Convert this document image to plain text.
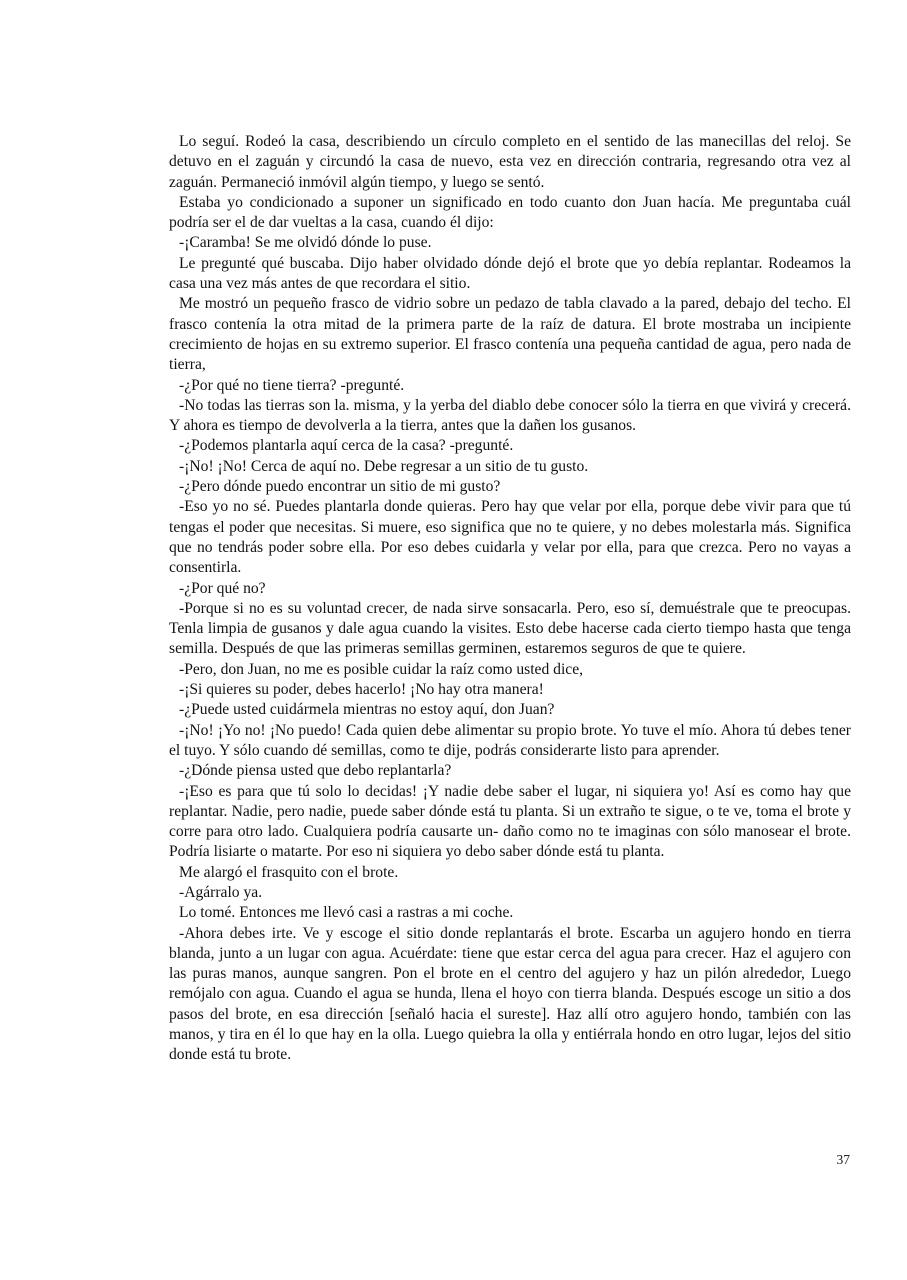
Lo seguí. Rodeó la casa, describiendo un círculo completo en el sentido de las manecillas del reloj. Se detuvo en el zaguán y circundó la casa de nuevo, esta vez en dirección contraria, regresando otra vez al zaguán. Permaneció inmóvil algún tiempo, y luego se sentó.

Estaba yo condicionado a suponer un significado en todo cuanto don Juan hacía. Me preguntaba cuál podría ser el de dar vueltas a la casa, cuando él dijo:

-¡Caramba! Se me olvidó dónde lo puse.

Le pregunté qué buscaba. Dijo haber olvidado dónde dejó el brote que yo debía replantar. Rodeamos la casa una vez más antes de que recordara el sitio.

Me mostró un pequeño frasco de vidrio sobre un pedazo de tabla clavado a la pared, debajo del techo. El frasco contenía la otra mitad de la primera parte de la raíz de datura. El brote mostraba un incipiente crecimiento de hojas en su extremo superior. El frasco contenía una pequeña cantidad de agua, pero nada de tierra,

-¿Por qué no tiene tierra? -pregunté.

-No todas las tierras son la. misma, y la yerba del diablo debe conocer sólo la tierra en que vivirá y crecerá. Y ahora es tiempo de devolverla a la tierra, antes que la dañen los gusanos.

-¿Podemos plantarla aquí cerca de la casa? -pregunté.

-¡No! ¡No! Cerca de aquí no. Debe regresar a un sitio de tu gusto.

-¿Pero dónde puedo encontrar un sitio de mi gusto?

-Eso yo no sé. Puedes plantarla donde quieras. Pero hay que velar por ella, porque debe vivir para que tú tengas el poder que necesitas. Si muere, eso significa que no te quiere, y no debes molestarla más. Significa que no tendrás poder sobre ella. Por eso debes cuidarla y velar por ella, para que crezca. Pero no vayas a consentirla.

-¿Por qué no?

-Porque si no es su voluntad crecer, de nada sirve sonsacarla. Pero, eso sí, demuéstrale que te preocupas. Tenla limpia de gusanos y dale agua cuando la visites. Esto debe hacerse cada cierto tiempo hasta que tenga semilla. Después de que las primeras semillas germinen, estaremos seguros de que te quiere.

-Pero, don Juan, no me es posible cuidar la raíz como usted dice,

-¡Si quieres su poder, debes hacerlo! ¡No hay otra manera!

-¿Puede usted cuidármela mientras no estoy aquí, don Juan?

-¡No! ¡Yo no! ¡No puedo! Cada quien debe alimentar su propio brote. Yo tuve el mío. Ahora tú debes tener el tuyo. Y sólo cuando dé semillas, como te dije, podrás considerarte listo para aprender.

-¿Dónde piensa usted que debo replantarla?

-¡Eso es para que tú solo lo decidas! ¡Y nadie debe saber el lugar, ni siquiera yo! Así es como hay que replantar. Nadie, pero nadie, puede saber dónde está tu planta. Si un extraño te sigue, o te ve, toma el brote y corre para otro lado. Cualquiera podría causarte un- daño como no te imaginas con sólo manosear el brote. Podría lisiarte o matarte. Por eso ni siquiera yo debo saber dónde está tu planta.

Me alargó el frasquito con el brote.

-Agárralo ya.

Lo tomé. Entonces me llevó casi a rastras a mi coche.

-Ahora debes irte. Ve y escoge el sitio donde replantarás el brote. Escarba un agujero hondo en tierra blanda, junto a un lugar con agua. Acuérdate: tiene que estar cerca del agua para crecer. Haz el agujero con las puras manos, aunque sangren. Pon el brote en el centro del agujero y haz un pilón alrededor, Luego remójalo con agua. Cuando el agua se hunda, llena el hoyo con tierra blanda. Después escoge un sitio a dos pasos del brote, en esa dirección [señaló hacia el sureste]. Haz allí otro agujero hondo, también con las manos, y tira en él lo que hay en la olla. Luego quiebra la olla y entiérrala hondo en otro lugar, lejos del sitio donde está tu brote.

37
